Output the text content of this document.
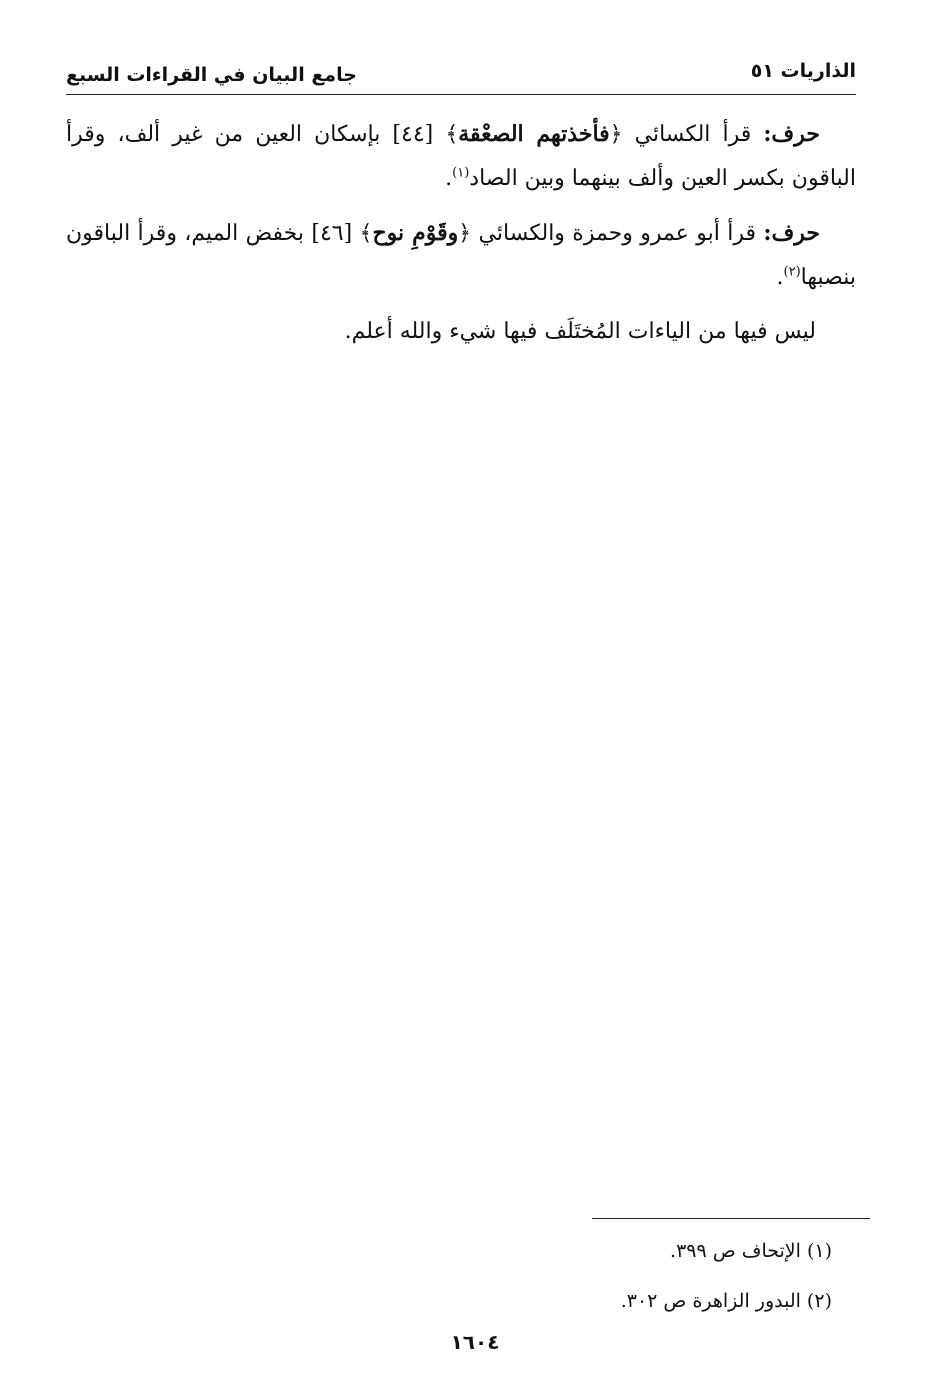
الذاريات ٥١
جامع البيان في القراءات السبع

حرف: قرأ الكسائي ﴿فأخذتهم الصعْقة﴾ [٤٤] بإسكان العين من غير ألف، وقرأ الباقون بكسر العين وألف بينهما وبين الصاد$^{(١)}$.

حرف: قرأ أبو عمرو وحمزة والكسائي ﴿وقَوْمِ نوح﴾ [٤٦] بخفض الميم، وقرأ الباقون بنصبها$^{(٢)}$.

ليس فيها من الياءات المُختَلَف فيها شيء والله أعلم.

(١) الإتحاف ص ٣٩٩.

(٢) البدور الزاهرة ص ٣٠٢.

١٦٠٤
